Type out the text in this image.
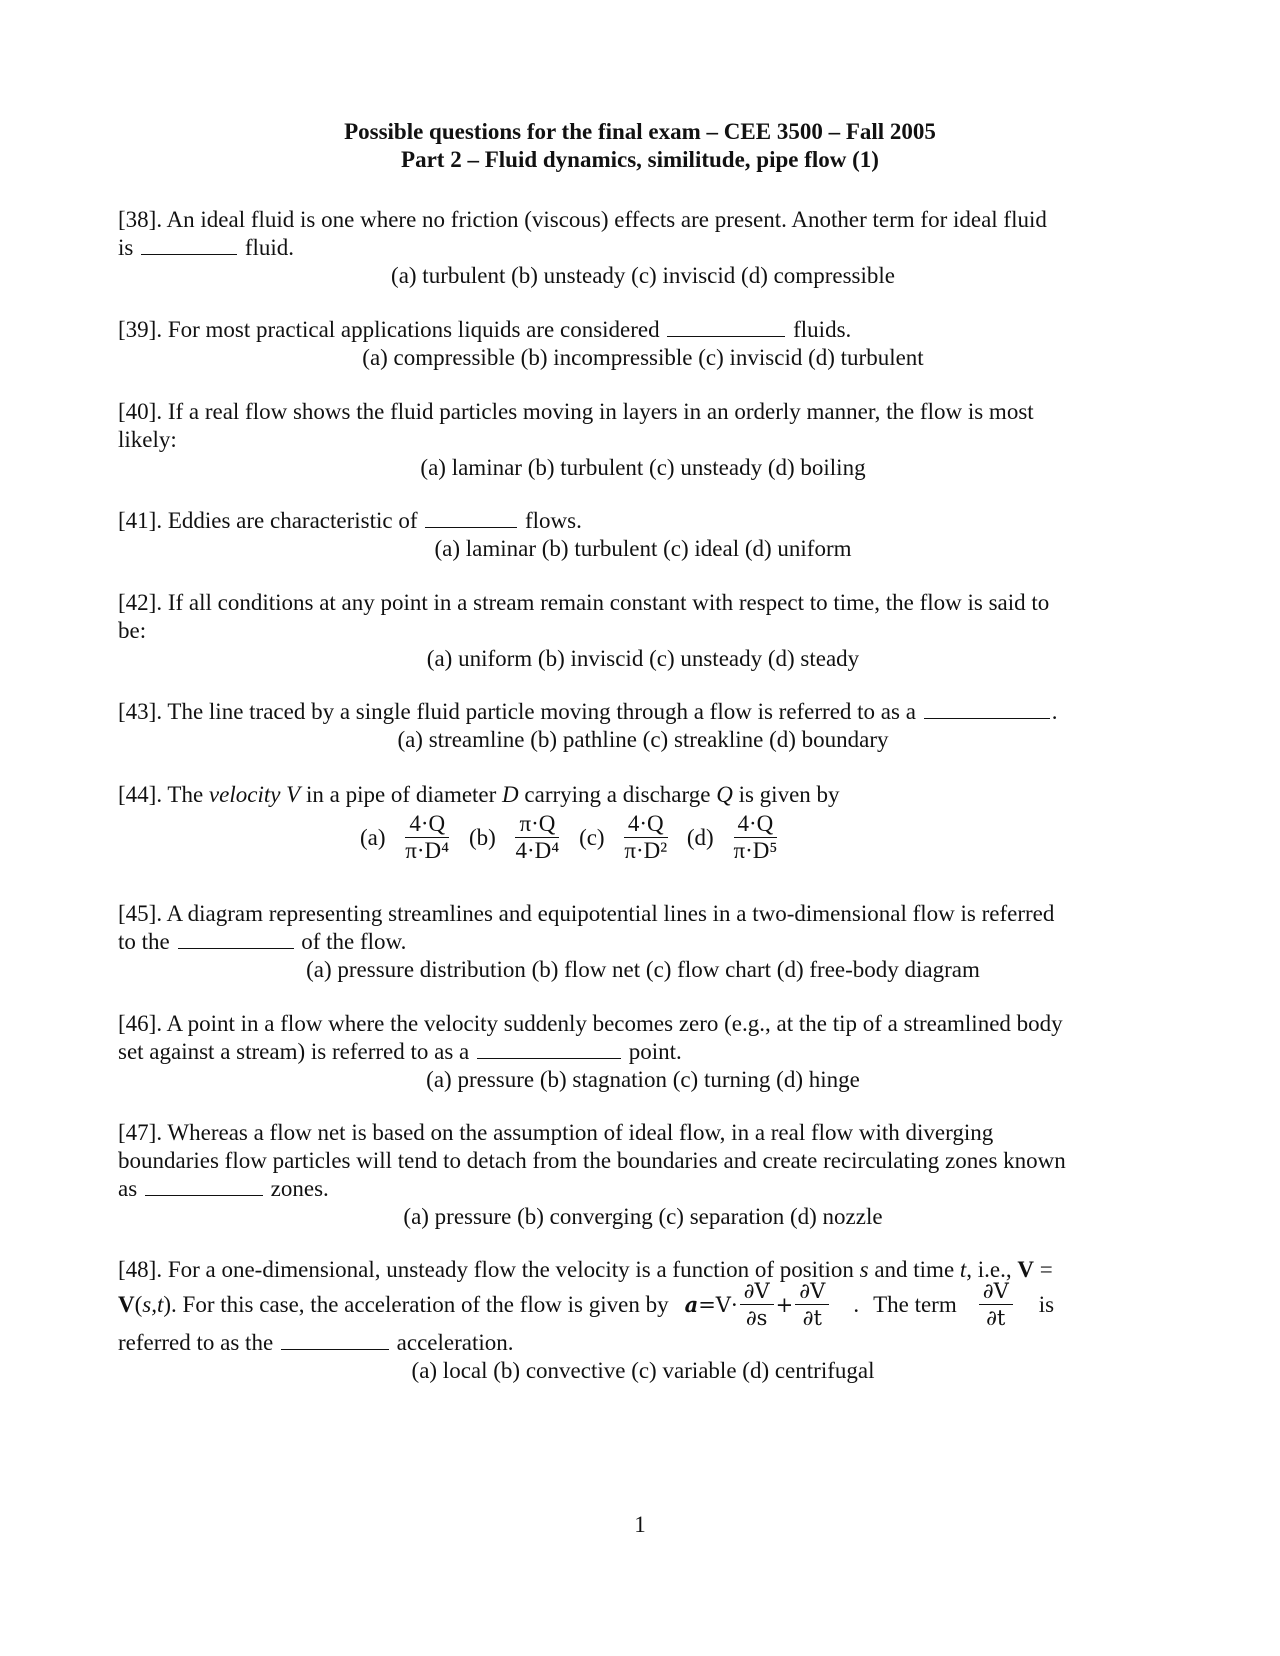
Possible questions for the final exam – CEE 3500 – Fall 2005
Part 2 – Fluid dynamics, similitude, pipe flow (1)
[38]. An ideal fluid is one where no friction (viscous) effects are present. Another term for ideal fluid
is	fluid.
(a) turbulent (b) unsteady (c) inviscid (d) compressible
[39]. For most practical applications liquids are considered	fluids.
(a) compressible (b) incompressible (c) inviscid (d) turbulent
[40]. If a real flow shows the fluid particles moving in layers in an orderly manner, the flow is most
likely:
(a) laminar (b) turbulent (c) unsteady (d) boiling
[41]. Eddies are characteristic of	flows.
(a) laminar (b) turbulent (c) ideal (d) uniform
[42]. If all conditions at any point in a stream remain constant with respect to time, the flow is said to
be:
(a) uniform (b) inviscid (c) unsteady (d) steady
[43]. The line traced by a single fluid particle moving through a flow is referred to as a	.
(a) streamline (b) pathline (c) streakline (d) boundary
[44]. The velocity V in a pipe of diameter D carrying a discharge Q is given by
$(a) \frac{4\cdot Q}{\text{π·D⁴}} (b) \frac{\pi\cdot Q}{\text{4·D⁴}} (c) \frac{4\cdot Q}{\text{π·D²}} (d) \frac{4\cdot Q}{\text{π·D⁵}}$
[45]. A diagram representing streamlines and equipotential lines in a two-dimensional flow is referred
to the	of the flow.
(a) pressure distribution (b) flow net (c) flow chart (d) free-body diagram
[46]. A point in a flow where the velocity suddenly becomes zero (e.g., at the tip of a streamlined body
set against a stream) is referred to as a	point.
(a) pressure (b) stagnation (c) turning (d) hinge
[47]. Whereas a flow net is based on the assumption of ideal flow, in a real flow with diverging
boundaries flow particles will tend to detach from the boundaries and create recirculating zones known
as	zones.
(a) pressure (b) converging (c) separation (d) nozzle
[48]. For a one-dimensional, unsteady flow the velocity is a function of position s and time t, i.e., V =
V ( s,t ). For this case, the acceleration of the flow is given by $a =V\cdot \frac{\partial V}{\partial s} + \frac{\partial V}{\partial t}$ . The term $\frac{\partial V}{\partial t}$ is
referred to as the	acceleration.
(a) local (b) convective (c) variable (d) centrifugal
1
